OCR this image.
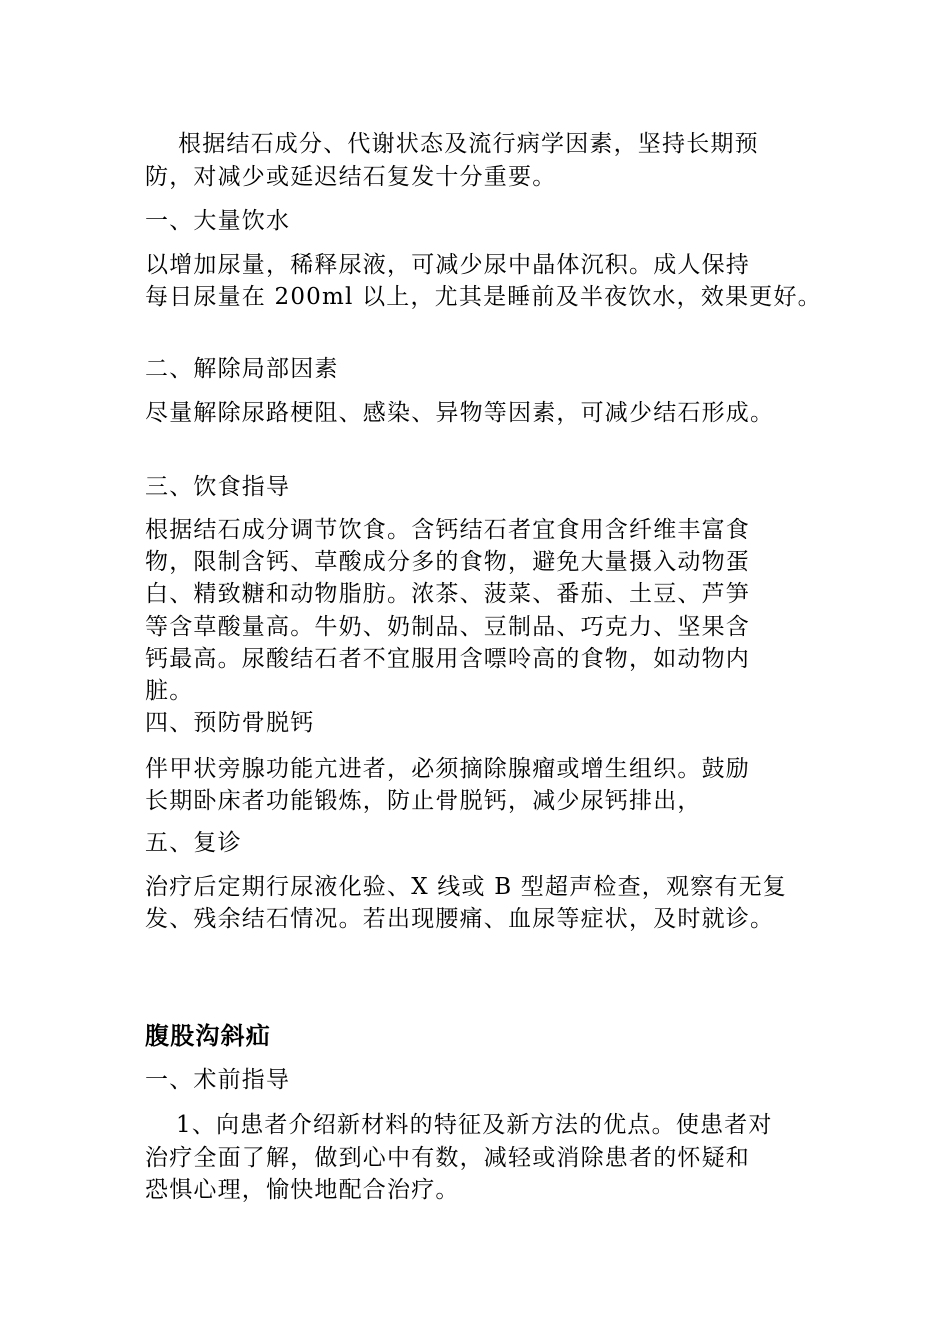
根据结石成分、代谢状态及流行病学因素，坚持长期预
防，对减少或延迟结石复发十分重要。
一、大量饮水
以增加尿量，稀释尿液，可减少尿中晶体沉积。成人保持
每日尿量在 200ml 以上，尤其是睡前及半夜饮水，效果更好。
二、解除局部因素
尽量解除尿路梗阻、感染、异物等因素，可减少结石形成。
三、饮食指导
根据结石成分调节饮食。含钙结石者宜食用含纤维丰富食
物，限制含钙、草酸成分多的食物，避免大量摄入动物蛋
白、精致糖和动物脂肪。浓茶、菠菜、番茄、土豆、芦笋
等含草酸量高。牛奶、奶制品、豆制品、巧克力、坚果含
钙最高。尿酸结石者不宜服用含嘌呤高的食物，如动物内
脏。
四、预防骨脱钙
伴甲状旁腺功能亢进者，必须摘除腺瘤或增生组织。鼓励
长期卧床者功能锻炼，防止骨脱钙，减少尿钙排出，
五、复诊
治疗后定期行尿液化验、X 线或 B 型超声检查，观察有无复
发、残余结石情况。若出现腰痛、血尿等症状，及时就诊。
腹股沟斜疝
一、术前指导
1、向患者介绍新材料的特征及新方法的优点。使患者对
治疗全面了解，做到心中有数，减轻或消除患者的怀疑和
恐惧心理，愉快地配合治疗。
